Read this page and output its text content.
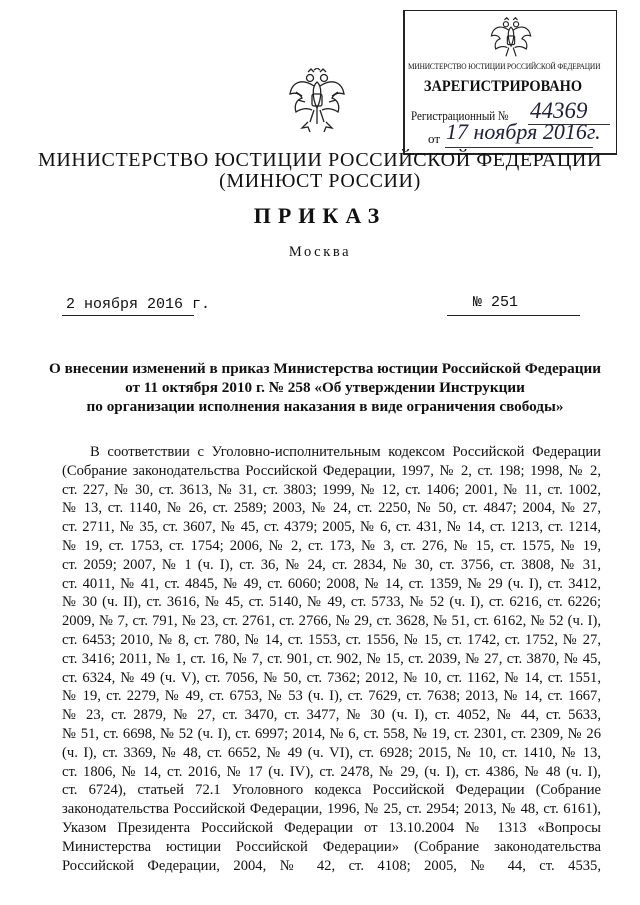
МИНИСТЕРСТВО ЮСТИЦИИ РОССИЙСКОЙ ФЕДЕРАЦИИ
ЗАРЕГИСТРИРОВАНО
Регистрационный № 44369
от 17 ноября 2016г.
МИНИСТЕРСТВО ЮСТИЦИИ РОССИЙСКОЙ ФЕДЕРАЦИИ
(МИНЮСТ РОССИИ)
ПРИКАЗ
Москва
2 ноября 2016 г.	№ 251
О внесении изменений в приказ Министерства юстиции Российской Федерации
от 11 октября 2010 г. № 258 «Об утверждении Инструкции
по организации исполнения наказания в виде ограничения свободы»
В соответствии с Уголовно-исполнительным кодексом Российской Федерации
(Собрание законодательства Российской Федерации, 1997, № 2, ст. 198; 1998, № 2,
ст. 227, № 30, ст. 3613, № 31, ст. 3803; 1999, № 12, ст. 1406; 2001, № 11, ст. 1002,
№ 13, ст. 1140, № 26, ст. 2589; 2003, № 24, ст. 2250, № 50, ст. 4847; 2004, № 27,
ст. 2711, № 35, ст. 3607, № 45, ст. 4379; 2005, № 6, ст. 431, № 14, ст. 1213, ст. 1214,
№ 19, ст. 1753, ст. 1754; 2006, № 2, ст. 173, № 3, ст. 276, № 15, ст. 1575, № 19,
ст. 2059; 2007, № 1 (ч. I), ст. 36, № 24, ст. 2834, № 30, ст. 3756, ст. 3808, № 31,
ст. 4011, № 41, ст. 4845, № 49, ст. 6060; 2008, № 14, ст. 1359, № 29 (ч. I), ст. 3412,
№ 30 (ч. II), ст. 3616, № 45, ст. 5140, № 49, ст. 5733, № 52 (ч. I), ст. 6216, ст. 6226;
2009, № 7, ст. 791, № 23, ст. 2761, ст. 2766, № 29, ст. 3628, № 51, ст. 6162, № 52 (ч. I),
ст. 6453; 2010, № 8, ст. 780, № 14, ст. 1553, ст. 1556, № 15, ст. 1742, ст. 1752, № 27,
ст. 3416; 2011, № 1, ст. 16, № 7, ст. 901, ст. 902, № 15, ст. 2039, № 27, ст. 3870, № 45,
ст. 6324, № 49 (ч. V), ст. 7056, № 50, ст. 7362; 2012, № 10, ст. 1162, № 14, ст. 1551,
№ 19, ст. 2279, № 49, ст. 6753, № 53 (ч. I), ст. 7629, ст. 7638; 2013, № 14, ст. 1667,
№ 23, ст. 2879, № 27, ст. 3470, ст. 3477, № 30 (ч. I), ст. 4052, № 44, ст. 5633,
№ 51, ст. 6698, № 52 (ч. I), ст. 6997; 2014, № 6, ст. 558, № 19, ст. 2301, ст. 2309, № 26
(ч. I), ст. 3369, № 48, ст. 6652, № 49 (ч. VI), ст. 6928; 2015, № 10, ст. 1410, № 13,
ст. 1806, № 14, ст. 2016, № 17 (ч. IV), ст. 2478, № 29, (ч. I), ст. 4386, № 48 (ч. I),
ст. 6724), статьей 72.1 Уголовного кодекса Российской Федерации (Собрание
законодательства Российской Федерации, 1996, № 25, ст. 2954; 2013, № 48, ст. 6161),
Указом Президента Российской Федерации от 13.10.2004 № 1313 «Вопросы
Министерства юстиции Российской Федерации» (Собрание законодательства
Российской Федерации, 2004, № 42, ст. 4108; 2005, № 44, ст. 4535,
